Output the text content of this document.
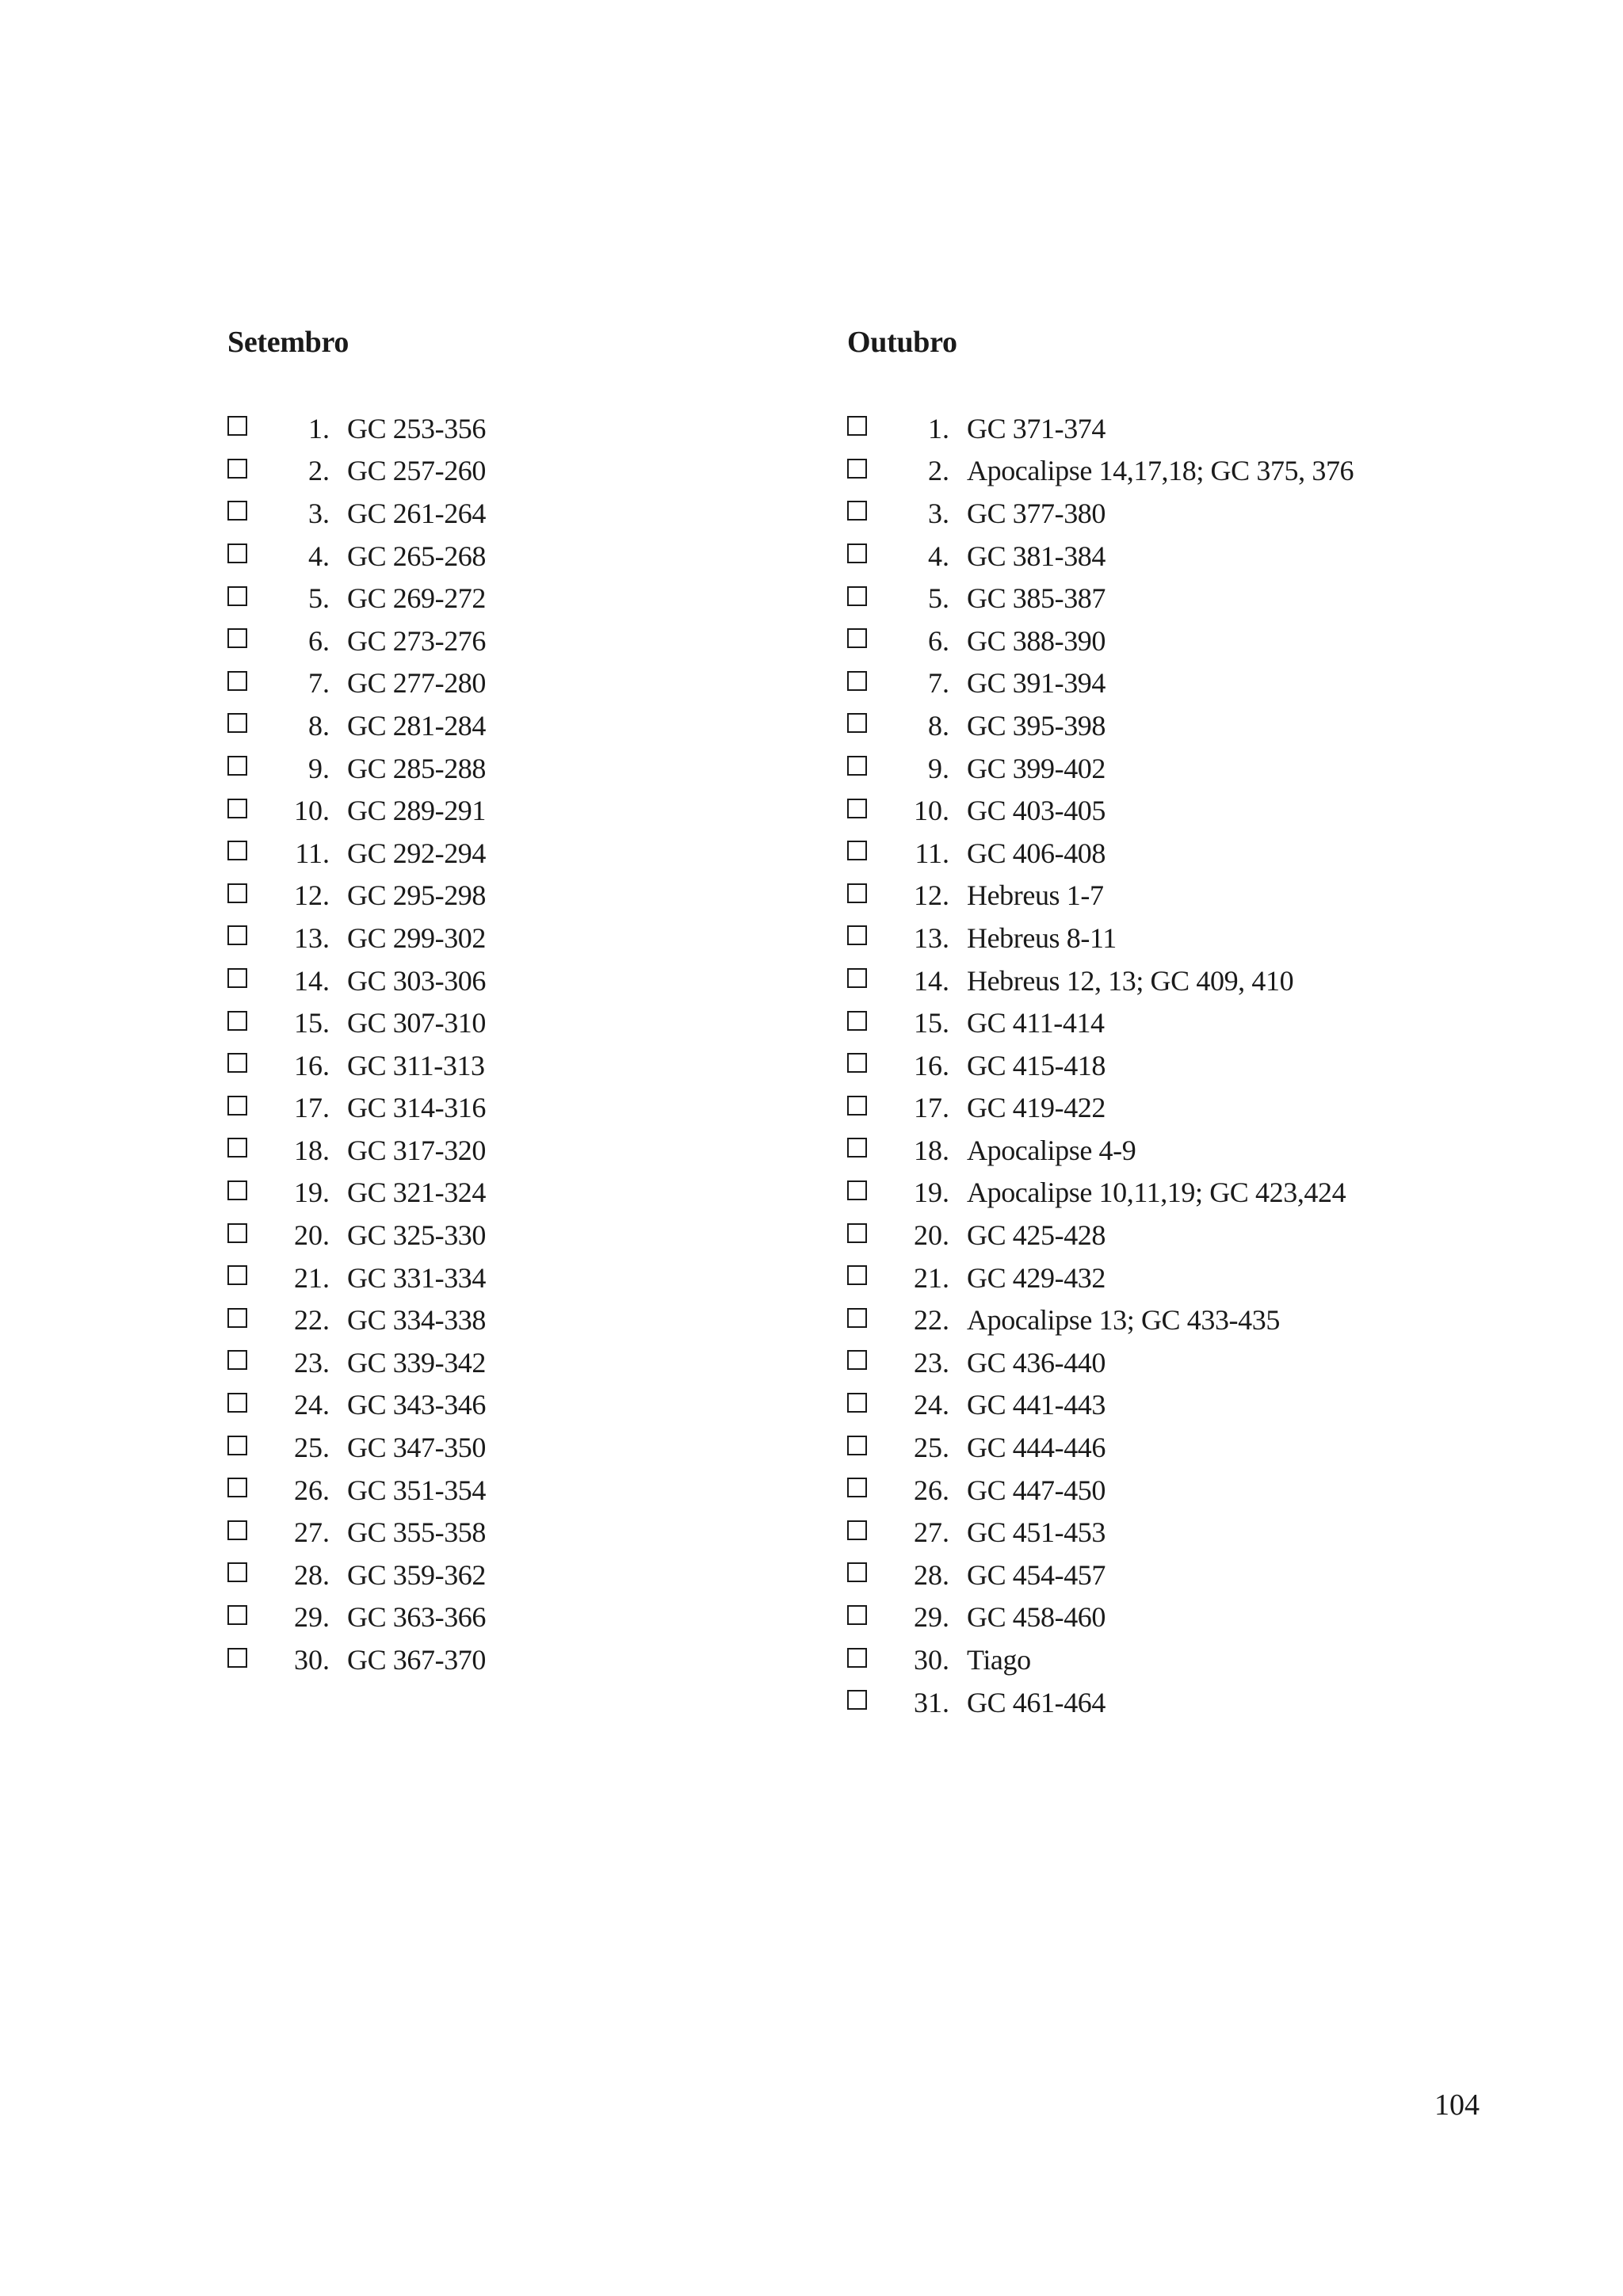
Setembro
1. GC 253-356
2. GC 257-260
3. GC 261-264
4. GC 265-268
5. GC 269-272
6. GC 273-276
7. GC 277-280
8. GC 281-284
9. GC 285-288
10. GC 289-291
11. GC 292-294
12. GC 295-298
13. GC 299-302
14. GC 303-306
15. GC 307-310
16. GC 311-313
17. GC 314-316
18. GC 317-320
19. GC 321-324
20. GC 325-330
21. GC 331-334
22. GC 334-338
23. GC 339-342
24. GC 343-346
25. GC 347-350
26. GC 351-354
27. GC 355-358
28. GC 359-362
29. GC 363-366
30. GC 367-370
Outubro
1. GC 371-374
2. Apocalipse 14,17,18; GC 375, 376
3. GC 377-380
4. GC 381-384
5. GC 385-387
6. GC 388-390
7. GC 391-394
8. GC 395-398
9. GC 399-402
10. GC 403-405
11. GC 406-408
12. Hebreus 1-7
13. Hebreus 8-11
14. Hebreus 12, 13; GC 409, 410
15. GC 411-414
16. GC 415-418
17. GC 419-422
18. Apocalipse 4-9
19. Apocalipse 10,11,19; GC 423,424
20. GC 425-428
21. GC 429-432
22. Apocalipse 13; GC 433-435
23. GC 436-440
24. GC 441-443
25. GC 444-446
26. GC 447-450
27. GC 451-453
28. GC 454-457
29. GC 458-460
30. Tiago
31. GC 461-464
104
